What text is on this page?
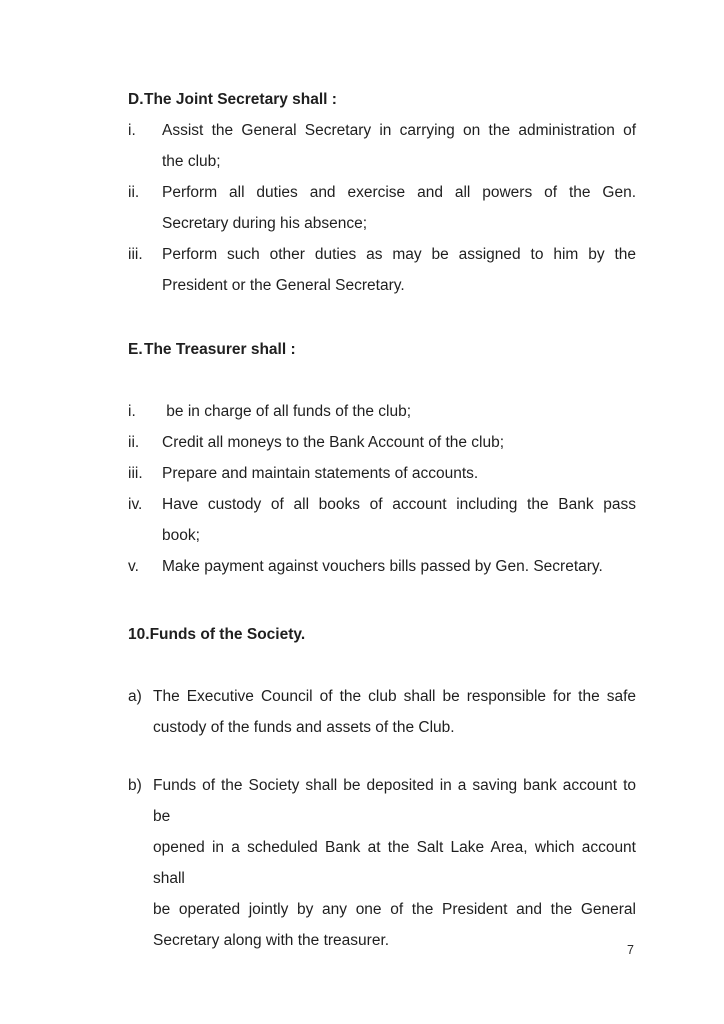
D.The Joint Secretary shall :
i. Assist the General Secretary in carrying on the administration of
the club;
ii. Perform all duties and exercise and all powers of the Gen.
Secretary during his absence;
iii. Perform such other duties as may be assigned to him by the
President or the General Secretary.
E.The Treasurer shall :
i. be in charge of all funds of the club;
ii. Credit all moneys to the Bank Account of the club;
iii. Prepare and maintain statements of accounts.
iv. Have custody of all books of account including the Bank pass
book;
v. Make payment against vouchers bills passed by Gen. Secretary.
10.Funds of the Society.
a) The Executive Council of the club shall be responsible for the safe
custody of the funds and assets of the Club.
b) Funds of the Society shall be deposited in a saving bank account to be
opened in a scheduled Bank at the Salt Lake Area, which account shall
be operated jointly by any one of the President and the General
Secretary along with the treasurer.
7
